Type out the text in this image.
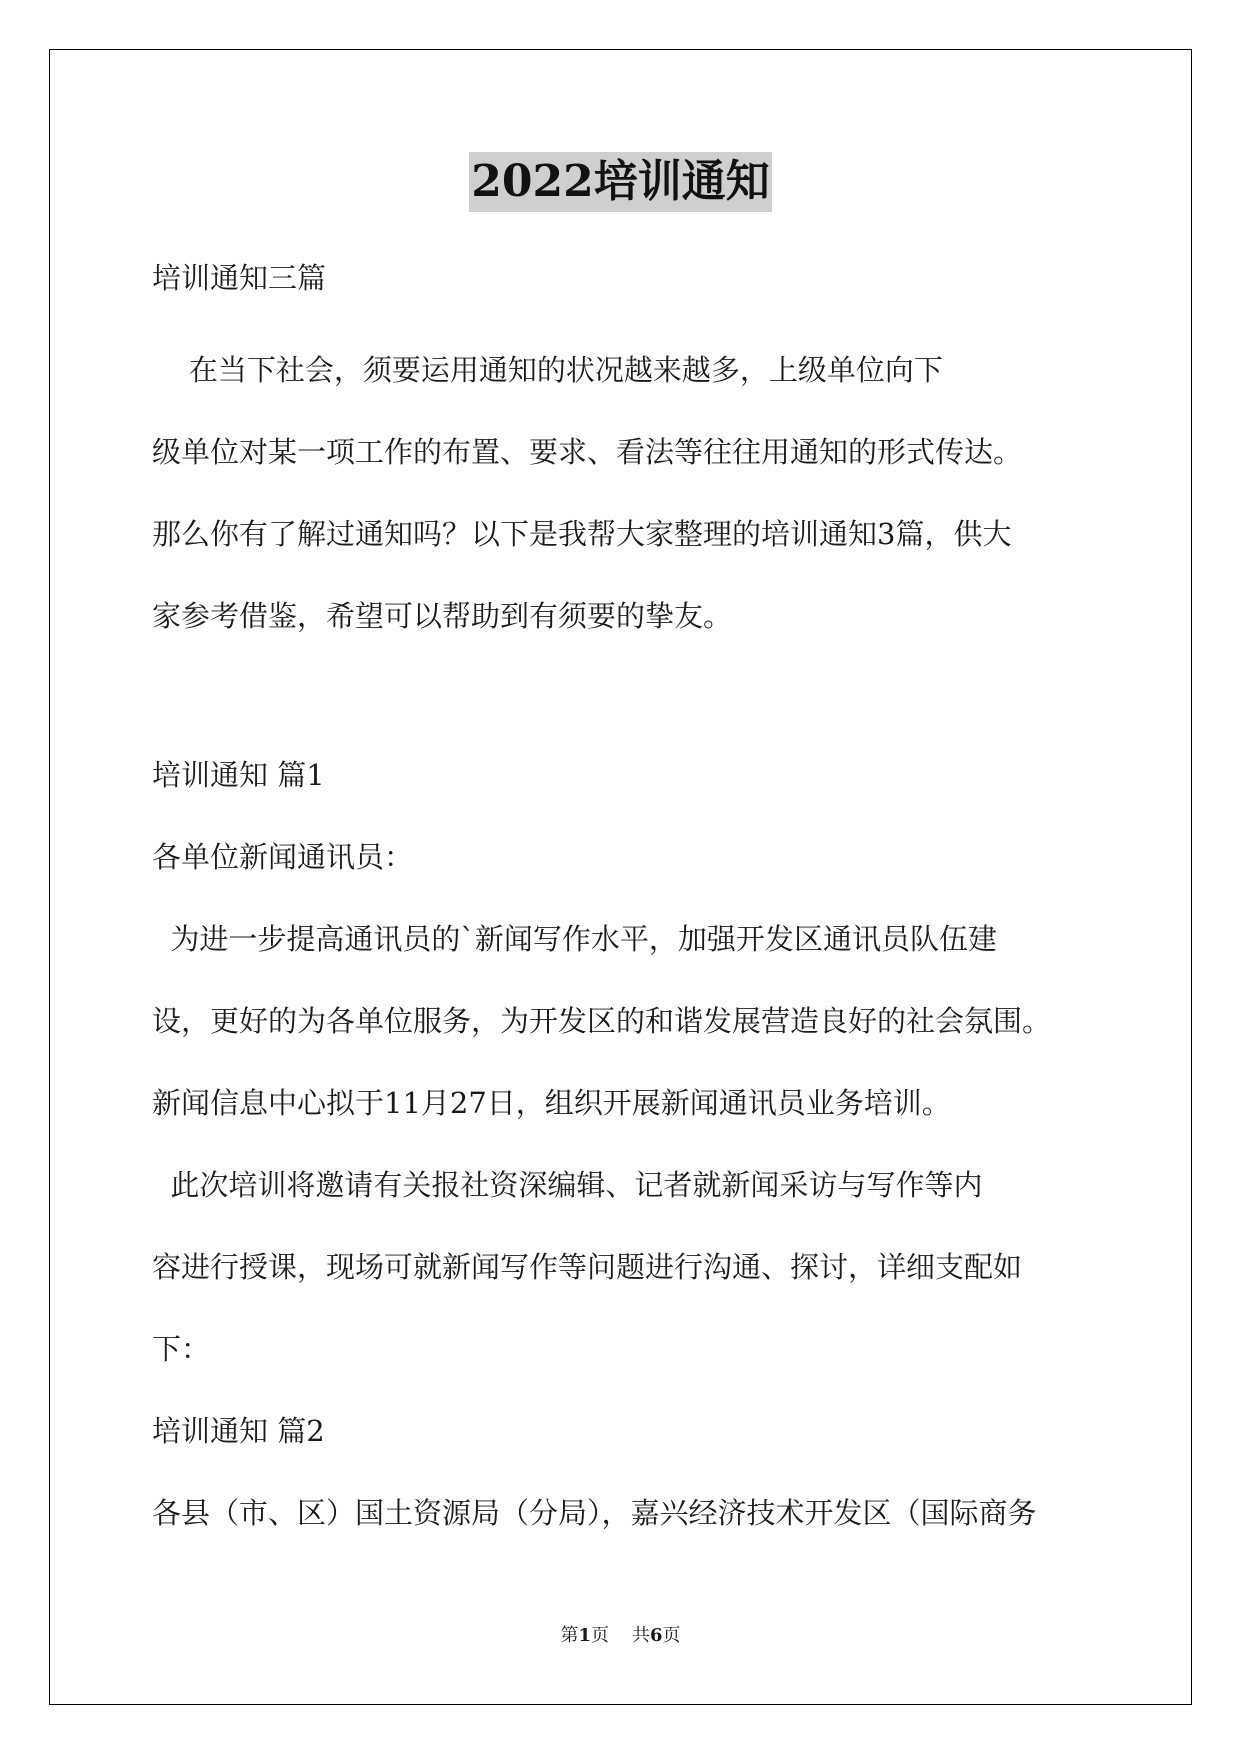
2022培训通知
培训通知三篇
在当下社会，须要运用通知的状况越来越多，上级单位向下
级单位对某一项工作的布置、要求、看法等往往用通知的形式传达。
那么你有了解过通知吗？以下是我帮大家整理的培训通知3篇，供大
家参考借鉴，希望可以帮助到有须要的挚友。
培训通知 篇1
各单位新闻通讯员：
为进一步提高通讯员的`新闻写作水平，加强开发区通讯员队伍建
设，更好的为各单位服务，为开发区的和谐发展营造良好的社会氛围。
新闻信息中心拟于11月27日，组织开展新闻通讯员业务培训。
此次培训将邀请有关报社资深编辑、记者就新闻采访与写作等内
容进行授课，现场可就新闻写作等问题进行沟通、探讨，详细支配如
下：
培训通知 篇2
各县（市、区）国土资源局（分局），嘉兴经济技术开发区（国际商务
第1页 共6页
